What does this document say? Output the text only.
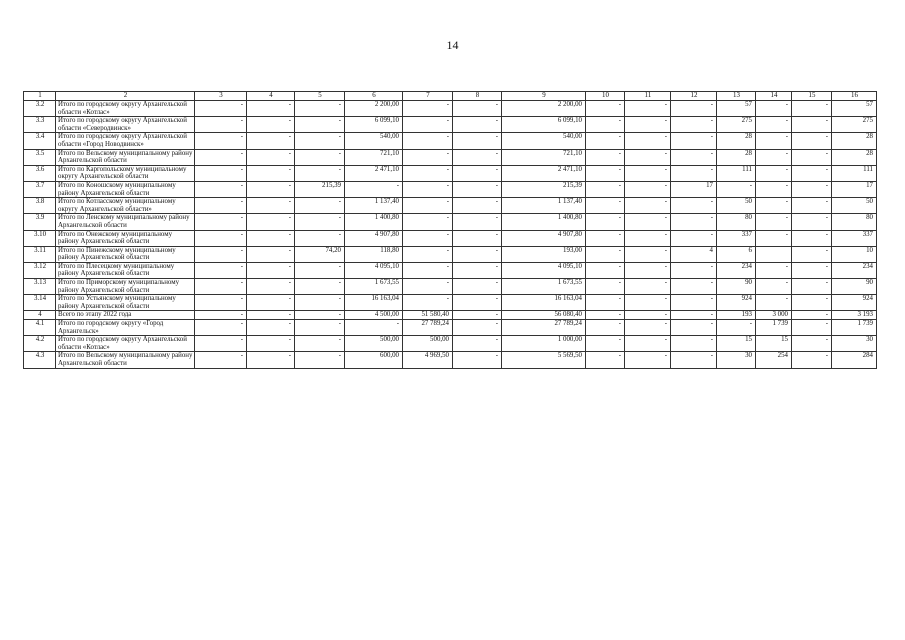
14
1	2	3	4	5	6	7	8	9	10	11	12	13	14	15	16
3.2	Итого по городскому округу Архангельской области «Котлас»	-	-	-	2 200,00	-	-	2 200,00	-	-	-	57	-	-	57
3.3	Итого по городскому округу Архангельской области «Северодвинск»	-	-	-	6 099,10	-	-	6 099,10	-	-	-	275	-	-	275
3.4	Итого по городскому округу Архангельской области «Город Новодвинск»	-	-	-	540,00	-	-	540,00	-	-	-	28	-	-	28
3.5	Итого по Вельскому муниципальному району Архангельской области	-	-	-	721,10	-	-	721,10	-	-	-	28	-	-	28
3.6	Итого по Каргопольскому муниципальному округу Архангельской области	-	-	-	2 471,10	-	-	2 471,10	-	-	-	111	-	-	111
3.7	Итого по Коношскому муниципальному району Архангельской области	-	-	215,39	-	-	-	215,39	-	-	17	-	-	-	17
3.8	Итого по Котласскому муниципальному округу Архангельской области»	-	-	-	1 137,40	-	-	1 137,40	-	-	-	50	-	-	50
3.9	Итого по Ленскому муниципальному району Архангельской области	-	-	-	1 400,80	-	-	1 400,80	-	-	-	80	-	-	80
3.10	Итого по Онежскому муниципальному району Архангельской области	-	-	-	4 907,80	-	-	4 907,80	-	-	-	337	-	-	337
3.11	Итого по Пинежскому муниципальному району Архангельской области	-	-	74,20	118,80	-	-	193,00	-	-	4	6		-	10
3.12	Итого по Плесецкому муниципальному району Архангельской области	-	-	-	4 095,10	-	-	4 095,10	-	-	-	234	-	-	234
3.13	Итого по Приморскому муниципальному району Архангельской области	-	-	-	1 673,55	-	-	1 673,55	-	-	-	90	-	-	90
3.14	Итого по Устьянскому муниципальному району Архангельской области	-	-	-	16 163,04	-	-	16 163,04	-	-	-	924	-	-	924
4	Всего по этапу 2022 года	-	-	-	4 500,00	51 580,40	-	56 080,40	-	-	-	193	3 000	-	3 193
4.1	Итого по городскому округу «Город Архангельск»	-	-	-	-	27 789,24	-	27 789,24	-	-	-	-	1 739	-	1 739
4.2	Итого по городскому округу Архангельской области «Котлас»	-	-	-	500,00	500,00	-	1 000,00	-	-	-	15	15	-	30
4.3	Итого по Вельскому муниципальному району Архангельской области	-	-	-	600,00	4 969,50	-	5 569,50	-	-	-	30	254	-	284
